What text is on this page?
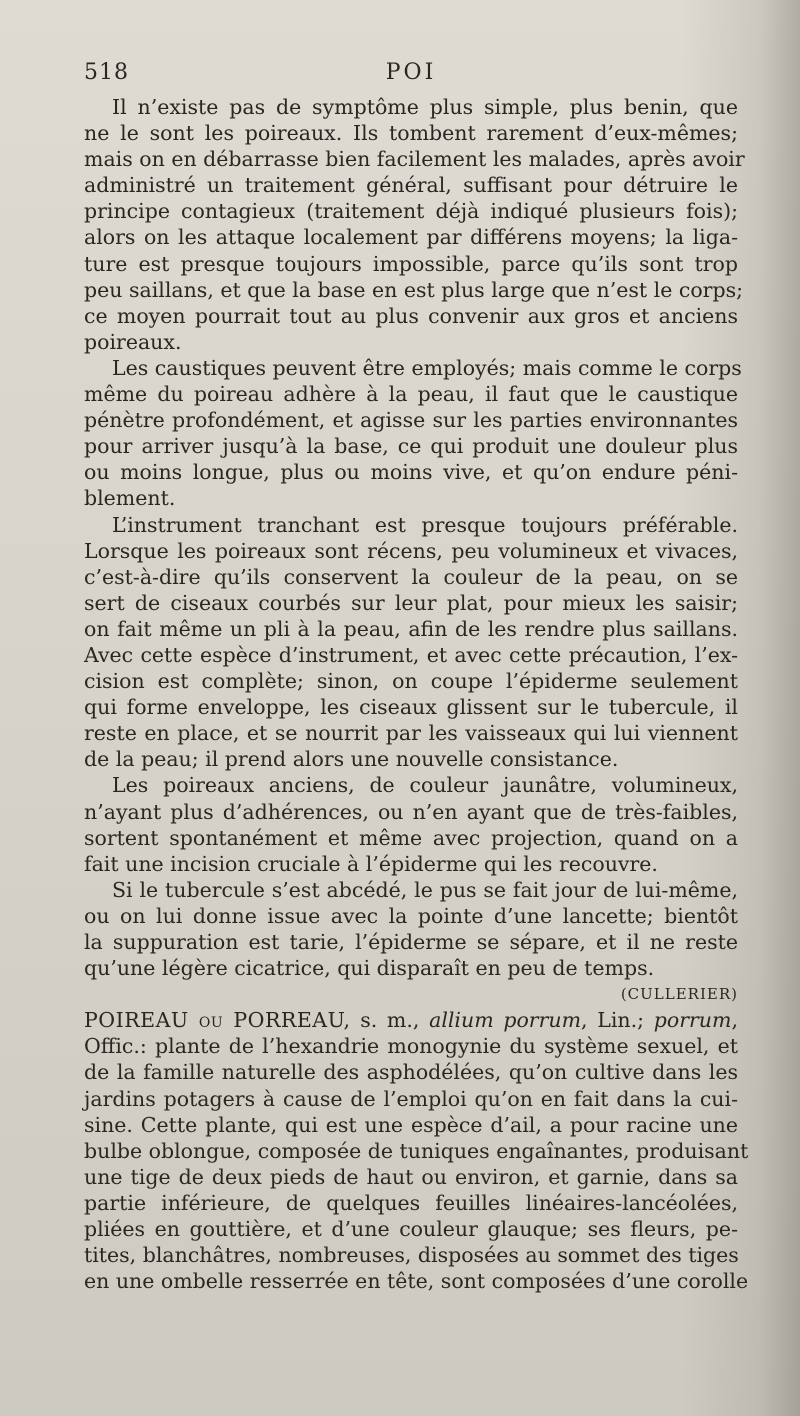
518	POI
Il n’existe pas de symptôme plus simple, plus benin, que
ne le sont les poireaux. Ils tombent rarement d’eux-mêmes;
mais on en débarrasse bien facilement les malades, après avoir
administré un traitement général, suffisant pour détruire le
principe contagieux (traitement déjà indiqué plusieurs fois);
alors on les attaque localement par différens moyens; la liga-
ture est presque toujours impossible, parce qu’ils sont trop
peu saillans, et que la base en est plus large que n’est le corps;
ce moyen pourrait tout au plus convenir aux gros et anciens
poireaux.
Les caustiques peuvent être employés; mais comme le corps
même du poireau adhère à la peau, il faut que le caustique
pénètre profondément, et agisse sur les parties environnantes
pour arriver jusqu’à la base, ce qui produit une douleur plus
ou moins longue, plus ou moins vive, et qu’on endure péni-
blement.
L’instrument tranchant est presque toujours préférable.
Lorsque les poireaux sont récens, peu volumineux et vivaces,
c’est-à-dire qu’ils conservent la couleur de la peau, on se
sert de ciseaux courbés sur leur plat, pour mieux les saisir;
on fait même un pli à la peau, afin de les rendre plus saillans.
Avec cette espèce d’instrument, et avec cette précaution, l’ex-
cision est complète; sinon, on coupe l’épiderme seulement
qui forme enveloppe, les ciseaux glissent sur le tubercule, il
reste en place, et se nourrit par les vaisseaux qui lui viennent
de la peau; il prend alors une nouvelle consistance.
Les poireaux anciens, de couleur jaunâtre, volumineux,
n’ayant plus d’adhérences, ou n’en ayant que de très-faibles,
sortent spontanément et même avec projection, quand on a
fait une incision cruciale à l’épiderme qui les recouvre.
Si le tubercule s’est abcédé, le pus se fait jour de lui-même,
ou on lui donne issue avec la pointe d’une lancette; bientôt
la suppuration est tarie, l’épiderme se sépare, et il ne reste
qu’une légère cicatrice, qui disparaît en peu de temps.
(CULLERIER)
POIREAU ou PORREAU, s. m., allium porrum, Lin.; porrum,
Offic.: plante de l’hexandrie monogynie du système sexuel, et
de la famille naturelle des asphodélées, qu’on cultive dans les
jardins potagers à cause de l’emploi qu’on en fait dans la cui-
sine. Cette plante, qui est une espèce d’ail, a pour racine une
bulbe oblongue, composée de tuniques engaînantes, produisant
une tige de deux pieds de haut ou environ, et garnie, dans sa
partie inférieure, de quelques feuilles linéaires-lancéolées,
pliées en gouttière, et d’une couleur glauque; ses fleurs, pe-
tites, blanchâtres, nombreuses, disposées au sommet des tiges
en une ombelle resserrée en tête, sont composées d’une corolle
